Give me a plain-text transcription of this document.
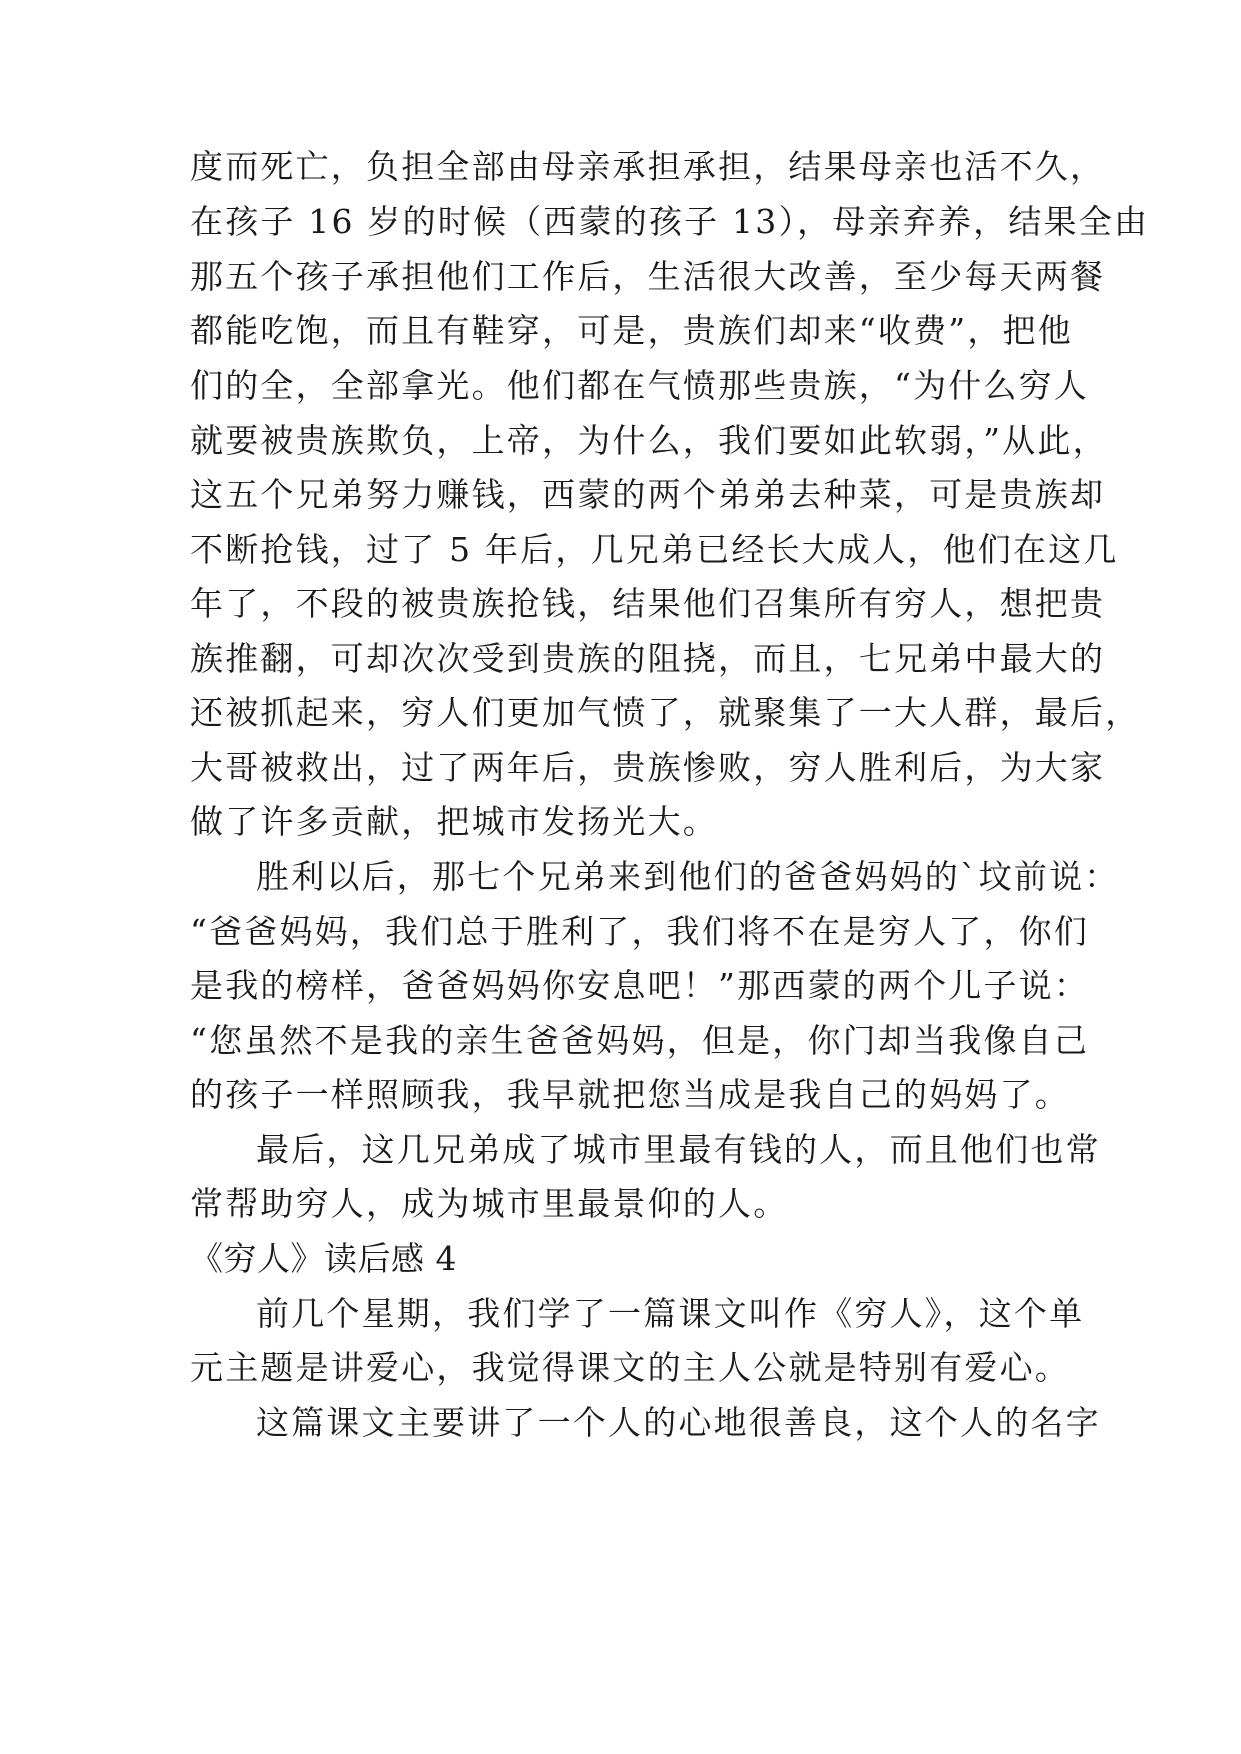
度而死亡，负担全部由母亲承担承担，结果母亲也活不久，
在孩子 16 岁的时候（西蒙的孩子 13），母亲弃养，结果全由
那五个孩子承担他们工作后，生活很大改善，至少每天两餐
都能吃饱，而且有鞋穿，可是，贵族们却来“收费”，把他
们的全，全部拿光。他们都在气愤那些贵族，“为什么穷人
就要被贵族欺负，上帝，为什么，我们要如此软弱，”从此，
这五个兄弟努力赚钱，西蒙的两个弟弟去种菜，可是贵族却
不断抢钱，过了 5 年后，几兄弟已经长大成人，他们在这几
年了，不段的被贵族抢钱，结果他们召集所有穷人，想把贵
族推翻，可却次次受到贵族的阻挠，而且，七兄弟中最大的
还被抓起来，穷人们更加气愤了，就聚集了一大人群，最后，
大哥被救出，过了两年后，贵族惨败，穷人胜利后，为大家
做了许多贡献，把城市发扬光大。
胜利以后，那七个兄弟来到他们的爸爸妈妈的`坟前说：
“爸爸妈妈，我们总于胜利了，我们将不在是穷人了，你们
是我的榜样，爸爸妈妈你安息吧！”那西蒙的两个儿子说：
“您虽然不是我的亲生爸爸妈妈，但是，你门却当我像自己
的孩子一样照顾我，我早就把您当成是我自己的妈妈了。
最后，这几兄弟成了城市里最有钱的人，而且他们也常
常帮助穷人，成为城市里最景仰的人。
《穷人》读后感 4
前几个星期，我们学了一篇课文叫作《穷人》，这个单
元主题是讲爱心，我觉得课文的主人公就是特别有爱心。
这篇课文主要讲了一个人的心地很善良，这个人的名字
